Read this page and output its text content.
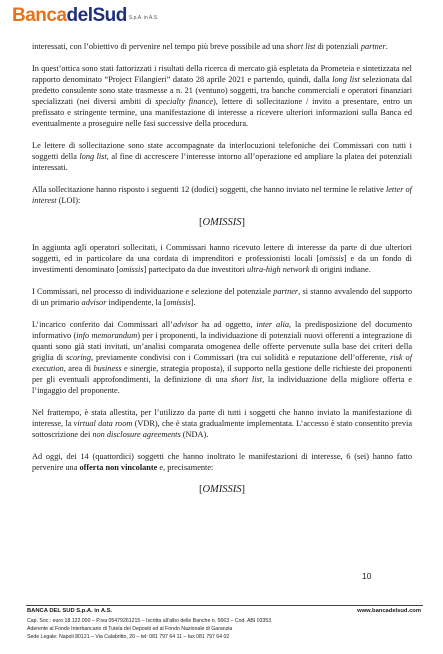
BancadelSud S.p.A. in A.S.

interessati, con l’obiettivo di pervenire nel tempo più breve possibile ad una short list di potenziali partner.

In quest’ottica sono stati fattorizzati i risultati della ricerca di mercato già espletata da Prometeia e sintetizzata nel rapporto denominato “Project Filangieri” datato 28 aprile 2021 e partendo, quindi, dalla long list selezionata dal predetto consulente sono state trasmesse a n. 21 (ventuno) soggetti, tra banche commerciali e operatori finanziari specializzati (nei diversi ambiti di specialty finance), lettere di sollecitazione / invito a presentare, entro un prefissato e stringente termine, una manifestazione di interesse a ricevere ulteriori informazioni sulla Banca ed eventualmente a proseguire nelle fasi successive della procedura.

Le lettere di sollecitazione sono state accompagnate da interlocuzioni telefoniche dei Commissari con tutti i soggetti della long list, al fine di accrescere l’interesse intorno all’operazione ed ampliare la platea dei potenziali interessati.

Alla sollecitazione hanno risposto i seguenti 12 (dodici) soggetti, che hanno inviato nel termine le relative letter of interest (LOI):

[OMISSIS]

In aggiunta agli operatori sollecitati, i Commissari hanno ricevuto lettere di interesse da parte di due ulteriori soggetti, ed in particolare da una cordata di imprenditori e professionisti locali [omissis] e da un fondo di investimenti denominato [omissis] partecipato da due investitori ultra-high network di origini indiane.

I Commissari, nel processo di individuazione e selezione del potenziale partner, si stanno avvalendo del supporto di un primario advisor indipendente, la [omissis].

L’incarico conferito dai Commissari all’advisor ha ad oggetto, inter alia, la predisposizione del documento informativo (info memorandum) per i proponenti, la individuazione di potenziali nuovi offerenti a integrazione di quanti sono già stati invitati, un’analisi comparata omogenea delle offerte pervenute sulla base dei criteri della griglia di scoring, previamente condivisi con i Commissari (tra cui solidità e reputazione dell’offerente, risk of execution, area di business e sinergie, strategia proposta), il supporto nella gestione delle richieste dei proponenti per gli eventuali approfondimenti, la definizione di una short list, la individuazione della migliore offerta e l’ingaggio del proponente.

Nel frattempo, è stata allestita, per l’utilizzo da parte di tutti i soggetti che hanno inviato la manifestazione di interesse, la virtual data room (VDR), che è stata gradualmente implementata. L’accesso è stato consentito previa sottoscrizione dei non disclosure agreements (NDA).

Ad oggi, dei 14 (quattordici) soggetti che hanno inoltrato le manifestazioni di interesse, 6 (sei) hanno fatto pervenire una offerta non vincolante e, precisamente:

[OMISSIS]

10
BANCA DEL SUD S.p.A. in A.S.	www.bancadelsud.com
Cap. Soc.: euro 18.122.000 – P.iva 05479261215 – Iscritta all’albo delle Banche n. 5663 – Cod. ABI 03353
Aderente al Fondo Interbancario di Tutela dei Depositi ed al Fondo Nazionale di Garanzia
Sede Legale: Napoli 80121 – Via Calabritto, 20 – tel: 081 797 64 11 – fax 081 797 64 02
